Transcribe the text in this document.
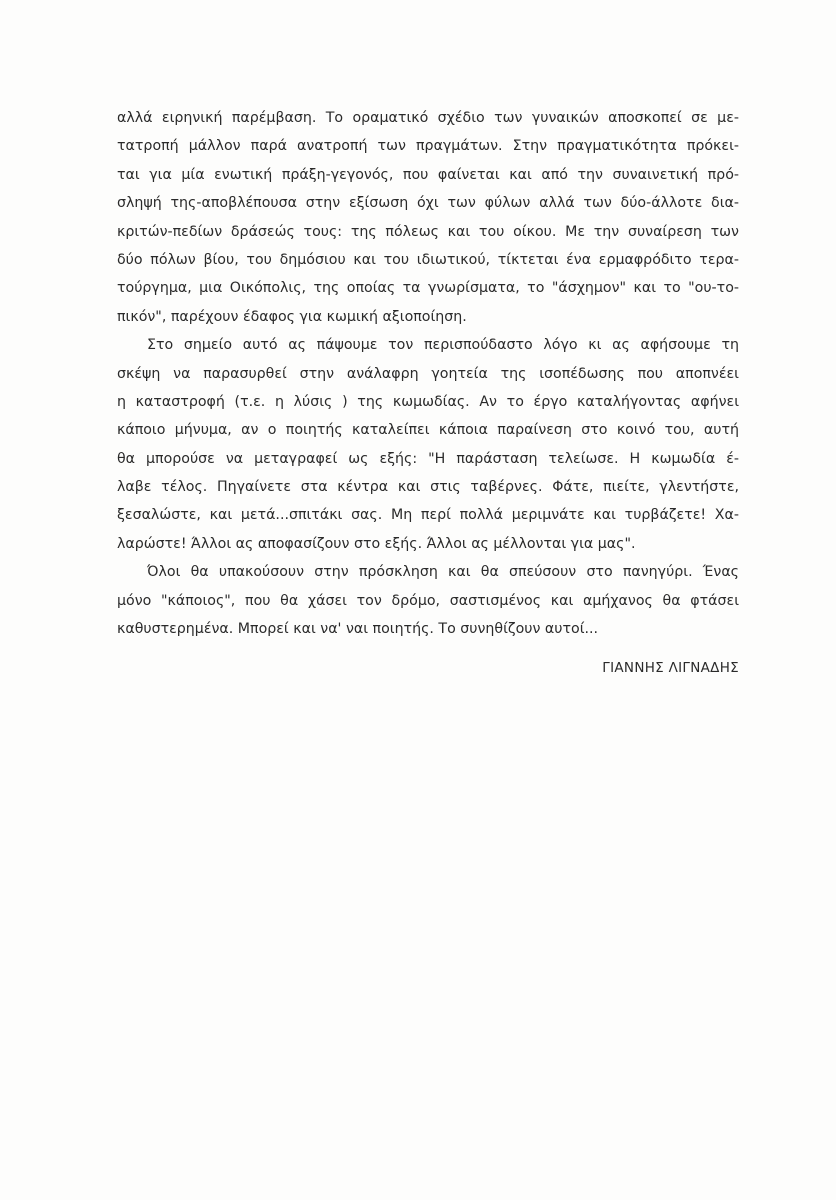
αλλά ειρηνική παρέμβαση. Το οραματικό σχέδιο των γυναικών αποσκοπεί σε με-
τατροπή μάλλον παρά ανατροπή των πραγμάτων. Στην πραγματικότητα πρόκει-
ται για μία ενωτική πράξη-γεγονός, που φαίνεται και από την συναινετική πρό-
σληψή της-αποβλέπουσα στην εξίσωση όχι των φύλων αλλά των δύο-άλλοτε δια-
κριτών-πεδίων δράσεώς τους: της πόλεως και του οίκου. Με την συναίρεση των
δύο πόλων βίου, του δημόσιου και του ιδιωτικού, τίκτεται ένα ερμαφρόδιτο τερα-
τούργημα, μια Οικόπολις, της οποίας τα γνωρίσματα, το "άσχημον" και το "ου-το-
πικόν", παρέχουν έδαφος για κωμική αξιοποίηση.
Στο σημείο αυτό ας πάψουμε τον περισπούδαστο λόγο κι ας αφήσουμε τη
σκέψη να παρασυρθεί στην ανάλαφρη γοητεία της ισοπέδωσης που αποπνέει
η καταστροφή (τ.ε. η λύσις ) της κωμωδίας. Αν το έργο καταλήγοντας αφήνει
κάποιο μήνυμα, αν ο ποιητής καταλείπει κάποια παραίνεση στο κοινό του, αυτή
θα μπορούσε να μεταγραφεί ως εξής: "Η παράσταση τελείωσε. Η κωμωδία έ-
λαβε τέλος. Πηγαίνετε στα κέντρα και στις ταβέρνες. Φάτε, πιείτε, γλεντήστε,
ξεσαλώστε, και μετά...σπιτάκι σας. Μη περί πολλά μεριμνάτε και τυρβάζετε! Χα-
λαρώστε! Άλλοι ας αποφασίζουν στο εξής. Άλλοι ας μέλλονται για μας".
Όλοι θα υπακούσουν στην πρόσκληση και θα σπεύσουν στο πανηγύρι. Ένας
μόνο "κάποιος", που θα χάσει τον δρόμο, σαστισμένος και αμήχανος θα φτάσει
καθυστερημένα. Μπορεί και να' ναι ποιητής. Το συνηθίζουν αυτοί...
ΓΙΑΝΝΗΣ ΛΙΓΝΑΔΗΣ
